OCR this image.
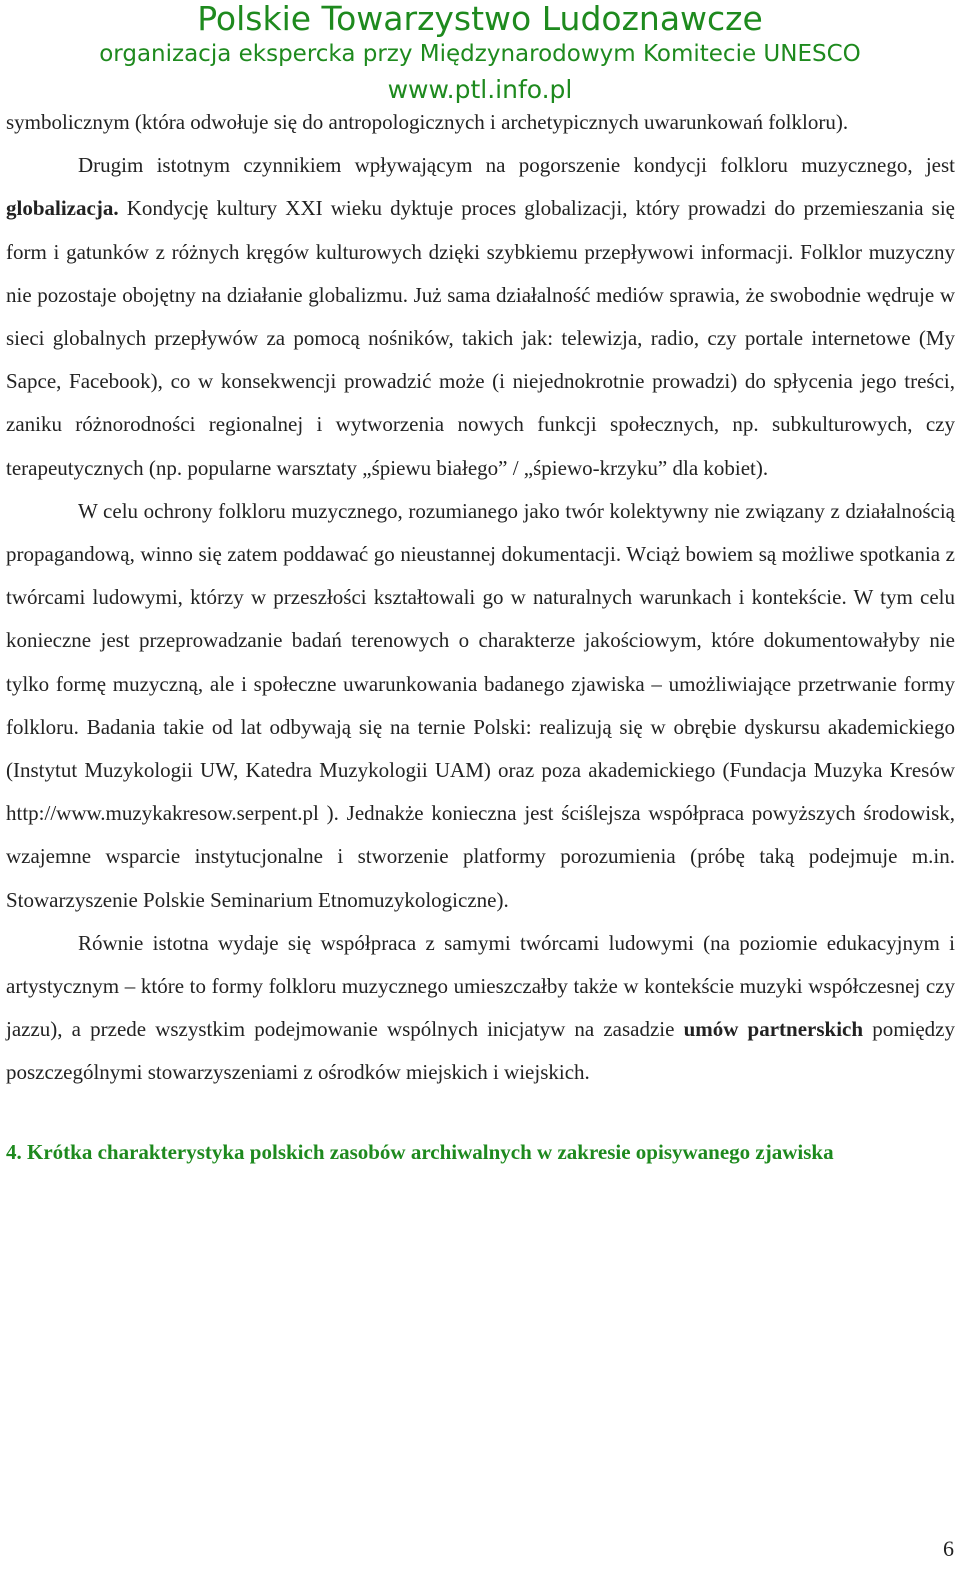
Polskie Towarzystwo Ludoznawcze
organizacja ekspercka przy Międzynarodowym Komitecie UNESCO
www.ptl.info.pl

symbolicznym (która odwołuje się do antropologicznych i archetypicznych uwarunkowań folkloru).

Drugim istotnym czynnikiem wpływającym na pogorszenie kondycji folkloru muzycznego, jest globalizacja. Kondycję kultury XXI wieku dyktuje proces globalizacji, który prowadzi do przemieszania się form i gatunków z różnych kręgów kulturowych dzięki szybkiemu przepływowi informacji. Folklor muzyczny nie pozostaje obojętny na działanie globalizmu. Już sama działalność mediów sprawia, że swobodnie wędruje w sieci globalnych przepływów za pomocą nośników, takich jak: telewizja, radio, czy portale internetowe (My Sapce, Facebook), co w konsekwencji prowadzić może (i niejednokrotnie prowadzi) do spłycenia jego treści, zaniku różnorodności regionalnej i wytworzenia nowych funkcji społecznych, np. subkulturowych, czy terapeutycznych (np. popularne warsztaty „śpiewu białego” / „śpiewo-krzyku” dla kobiet).

W celu ochrony folkloru muzycznego, rozumianego jako twór kolektywny nie związany z działalnością propagandową, winno się zatem poddawać go nieustannej dokumentacji. Wciąż bowiem są możliwe spotkania z twórcami ludowymi, którzy w przeszłości kształtowali go w naturalnych warunkach i kontekście. W tym celu konieczne jest przeprowadzanie badań terenowych o charakterze jakościowym, które dokumentowałyby nie tylko formę muzyczną, ale i społeczne uwarunkowania badanego zjawiska – umożliwiające przetrwanie formy folkloru. Badania takie od lat odbywają się na ternie Polski: realizują się w obrębie dyskursu akademickiego (Instytut Muzykologii UW, Katedra Muzykologii UAM) oraz poza akademickiego (Fundacja Muzyka Kresów http://www.muzykakresow.serpent.pl ). Jednakże konieczna jest ściślejsza współpraca powyższych środowisk, wzajemne wsparcie instytucjonalne i stworzenie platformy porozumienia (próbę taką podejmuje m.in. Stowarzyszenie Polskie Seminarium Etnomuzykologiczne).

Równie istotna wydaje się współpraca z samymi twórcami ludowymi (na poziomie edukacyjnym i artystycznym – które to formy folkloru muzycznego umieszczałby także w kontekście muzyki współczesnej czy jazzu), a przede wszystkim podejmowanie wspólnych inicjatyw na zasadzie umów partnerskich pomiędzy poszczególnymi stowarzyszeniami z ośrodków miejskich i wiejskich.

4. Krótka charakterystyka polskich zasobów archiwalnych w zakresie opisywanego zjawiska

6
